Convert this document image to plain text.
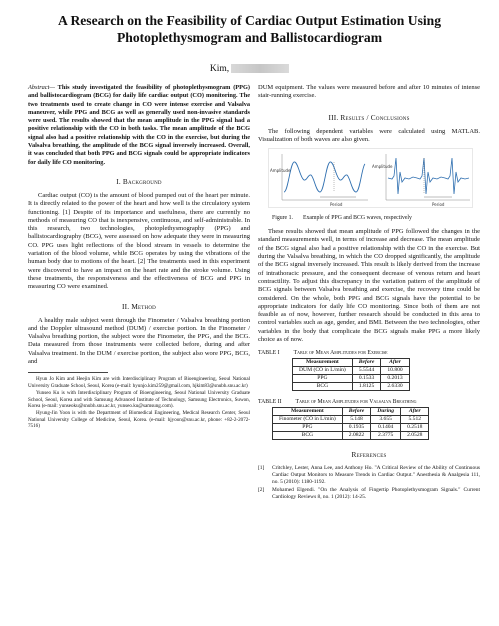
A Research on the Feasibility of Cardiac Output Estimation Using
Photoplethysmogram and Ballistocardiogram
Kim,
Abstract— This study investigated the feasibility of photoplethysmogram (PPG) and ballistocardiogram (BCG) for daily life cardiac output (CO) monitoring. The two treatments used to create change in CO were intense exercise and Valsalva maneuver, while PPG and BCG as well as generally used non-invasive standards were used. The results showed that the mean amplitude in the PPG signal had a positive relationship with the CO in both tasks. The mean amplitude of the BCG signal also had a positive relationship with the CO in the exercise, but during the Valsalva breathing, the amplitude of the BCG signal inversely increased. Overall, it was concluded that both PPG and BCG signals could be appropriate indicators for daily life CO monitoring.
I. Background

Cardiac output (CO) is the amount of blood pumped out of the heart per minute. It is directly related to the power of the heart and how well is the circulatory system functioning. [1] Despite of its importance and usefulness, there are currently no methods of measuring CO that is inexpensive, continuous, and self-administrable. In this research, two technologies, photoplethysmography (PPG) and ballistocardiography (BCG), were assessed on how adequate they were in measuring CO. PPG uses light reflections of the blood stream in vessels to determine the variation of the blood volume, while BCG operates by using the vibrations of the human body due to motions of the heart. [2] The treatments used in this experiment were discovered to have an impact on the heart rate and the stroke volume. Using these treatments, the responsiveness and the effectiveness of BCG and PPG in measuring CO were examined.

II. Method

A healthy male subject went through the Finometer / Valsalva breathing portion and the Doppler ultrasound method (DUM) / exercise portion. In the Finometer / Valsalva breathing portion, the subject wore the Finometer, the PPG, and the BCG. Data measured from those instruments were collected before, during and after Valsalva treatment. In the DUM / exercise portion, the subject also wore PPG, BCG, and

Hyun Jo Kim and Heejin Kim are with Interdisciplinary Program of Bioengineering, Seoul National University Graduate School, Seoul, Korea (e-mail: hyunjo.kim259@gmail.com, hjkim83@snubh.snu.ac.kr)

Yunseo Ku is with Interdisciplinary Program of Bioengineering, Seoul National University Graduate School, Seoul, Korea and with Samsung Advanced Institute of Technology, Samsung Electronics, Suwon, Korea (e-mail: yunseoku@snubh.snu.ac.kr, yunseo.ku@samsung.com).

Hyung-Jin Yoon is with the Department of Biomedical Engineering, Medical Research Center, Seoul National University College of Medicine, Seoul, Korea. (e-mail: hjyoon@snu.ac.kr, phone: +82-2-2072-7516)

DUM equipment. The values were measured before and after 10 minutes of intense stair-running exercise.

III. Results / Conclusions

The following dependent variables were calculated using MATLAB. Visualization of both waves are also given.

Amplitude
Period
Amplitude
Period
Figure 1. Example of PPG and BCG waves, respectively

These results showed that mean amplitude of PPG followed the changes in the standard measurements well, in terms of increase and decrease. The mean amplitude of the BCG signal also had a positive relationship with the CO in the exercise. But during the Valsalva breathing, in which the CO dropped significantly, the amplitude of the BCG signal inversely increased. This result is likely derived from the increase of intrathoracic pressure, and the consequent decrease of venous return and heart contractility. To adjust this discrepancy in the variation pattern of the amplitude of BCG signals between Valsalva breathing and exercise, the recovery time could be considered. On the whole, both PPG and BCG signals have the potential to be appropriate indicators for daily life CO monitoring. Since both of them are not feasible as of now, however, further research should be conducted in this area to control variables such as age, gender, and BMI. Between the two technologies, other variables in the body that complicate the BCG signals make PPG a more likely choice as of now.

TABLE I Table of Mean Amplitudes for Exercise
Measurement	Before	After
DUM (CO in L/min)	5.5544	10.800
PPG	0.1533	0.2013
BCG	1.8125	2.6330
TABLE II Table of Mean Amplitudes for Valsalva Breathing
Measurement	Before	During	After
Finometer (CO in L/min)	5.148	3.655	5.512
PPG	0.1935	0.1404	0.2518
BCG	2.0822	2.3775	2.0528
References
[1]	Critchley, Lester, Anna Lee, and Anthony Ho. "A Critical Review of the Ability of Continuous Cardiac Output Monitors to Measure Trends in Cardiac Output." Anesthesia & Analgesia 111, no. 5 (2010): 1180-1192.
[2]	Mohamed Elgendi. "On the Analysis of Fingertip Photoplethysmogram Signals." Current Cardiology Reviews 8, no. 1 (2012): 14-25.
